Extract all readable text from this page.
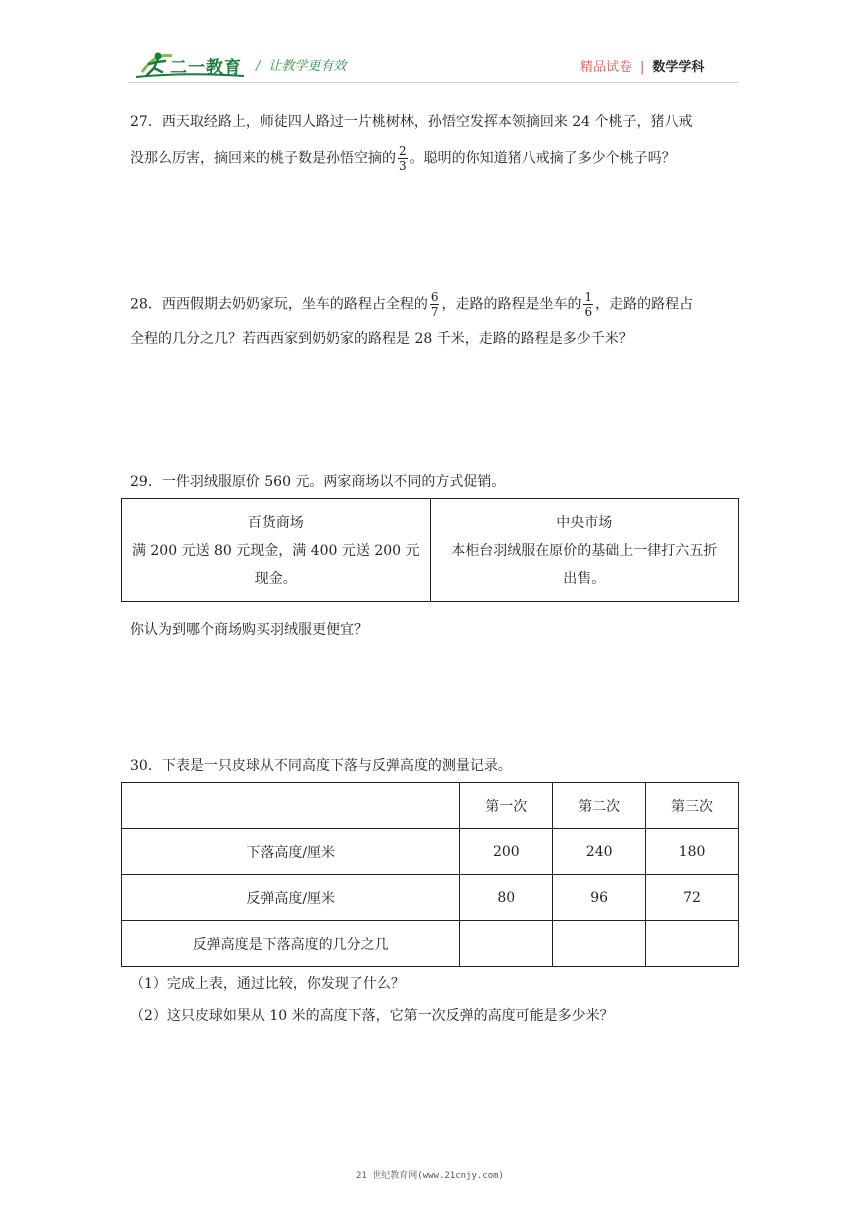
二一教育 / 让教学更有效	精品试卷 | 数学学科
27．西天取经路上，师徒四人路过一片桃树林，孙悟空发挥本领摘回来 24 个桃子，猪八戒
没那么厉害，摘回来的桃子数是孙悟空摘的 $\frac{2}{3}$ 。聪明的你知道猪八戒摘了多少个桃子吗？
28．西西假期去奶奶家玩，坐车的路程占全程的 $\frac{6}{7}$ ，走路的路程是坐车的 $\frac{1}{6}$ ，走路的路程占
全程的几分之几？若西西家到奶奶家的路程是 28 千米，走路的路程是多少千米？
29．一件羽绒服原价 560 元。两家商场以不同的方式促销。
百货商场
满 200 元送 80 元现金，满 400 元送 200 元
现金。

中央市场
本柜台羽绒服在原价的基础上一律打六五折
出售。
你认为到哪个商场购买羽绒服更便宜？
30．下表是一只皮球从不同高度下落与反弹高度的测量记录。
	第一次	第二次	第三次
下落高度/厘米	200	240	180
反弹高度/厘米	80	96	72
反弹高度是下落高度的几分之几			
（1）完成上表，通过比较，你发现了什么？
（2）这只皮球如果从 10 米的高度下落，它第一次反弹的高度可能是多少米？
21 世纪教育网(www.21cnjy.com)
